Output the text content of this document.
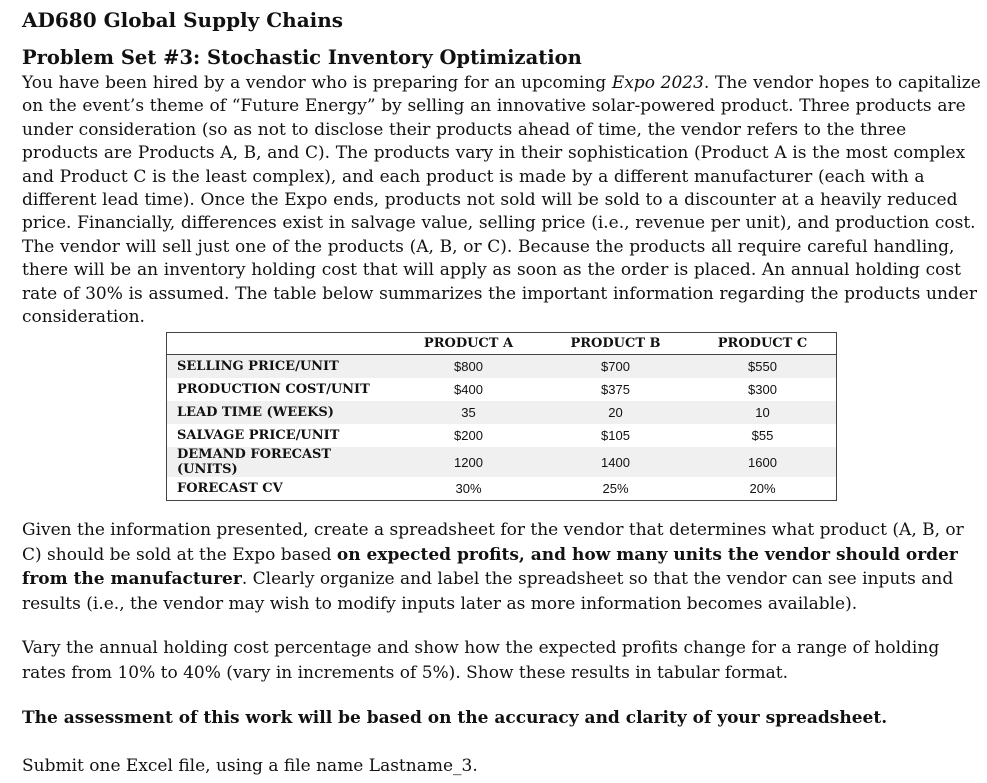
AD680 Global Supply Chains
Problem Set #3: Stochastic Inventory Optimization

You have been hired by a vendor who is preparing for an upcoming Expo 2023. The vendor hopes to capitalize on the event’s theme of “Future Energy” by selling an innovative solar-powered product. Three products are under consideration (so as not to disclose their products ahead of time, the vendor refers to the three products are Products A, B, and C). The products vary in their sophistication (Product A is the most complex and Product C is the least complex), and each product is made by a different manufacturer (each with a different lead time). Once the Expo ends, products not sold will be sold to a discounter at a heavily reduced price. Financially, differences exist in salvage value, selling price (i.e., revenue per unit), and production cost. The vendor will sell just one of the products (A, B, or C). Because the products all require careful handling, there will be an inventory holding cost that will apply as soon as the order is placed. An annual holding cost rate of 30% is assumed. The table below summarizes the important information regarding the products under consideration.

	PRODUCT A	PRODUCT B	PRODUCT C
SELLING PRICE/UNIT	$800	$700	$550
PRODUCTION COST/UNIT	$400	$375	$300
LEAD TIME (WEEKS)	35	20	10
SALVAGE PRICE/UNIT	$200	$105	$55
DEMAND FORECAST (UNITS)	1200	1400	1600
FORECAST CV	30%	25%	20%

Given the information presented, create a spreadsheet for the vendor that determines what product (A, B, or C) should be sold at the Expo based on expected profits, and how many units the vendor should order from the manufacturer. Clearly organize and label the spreadsheet so that the vendor can see inputs and results (i.e., the vendor may wish to modify inputs later as more information becomes available).

Vary the annual holding cost percentage and show how the expected profits change for a range of holding rates from 10% to 40% (vary in increments of 5%). Show these results in tabular format.

The assessment of this work will be based on the accuracy and clarity of your spreadsheet.

Submit one Excel file, using a file name Lastname_3.
